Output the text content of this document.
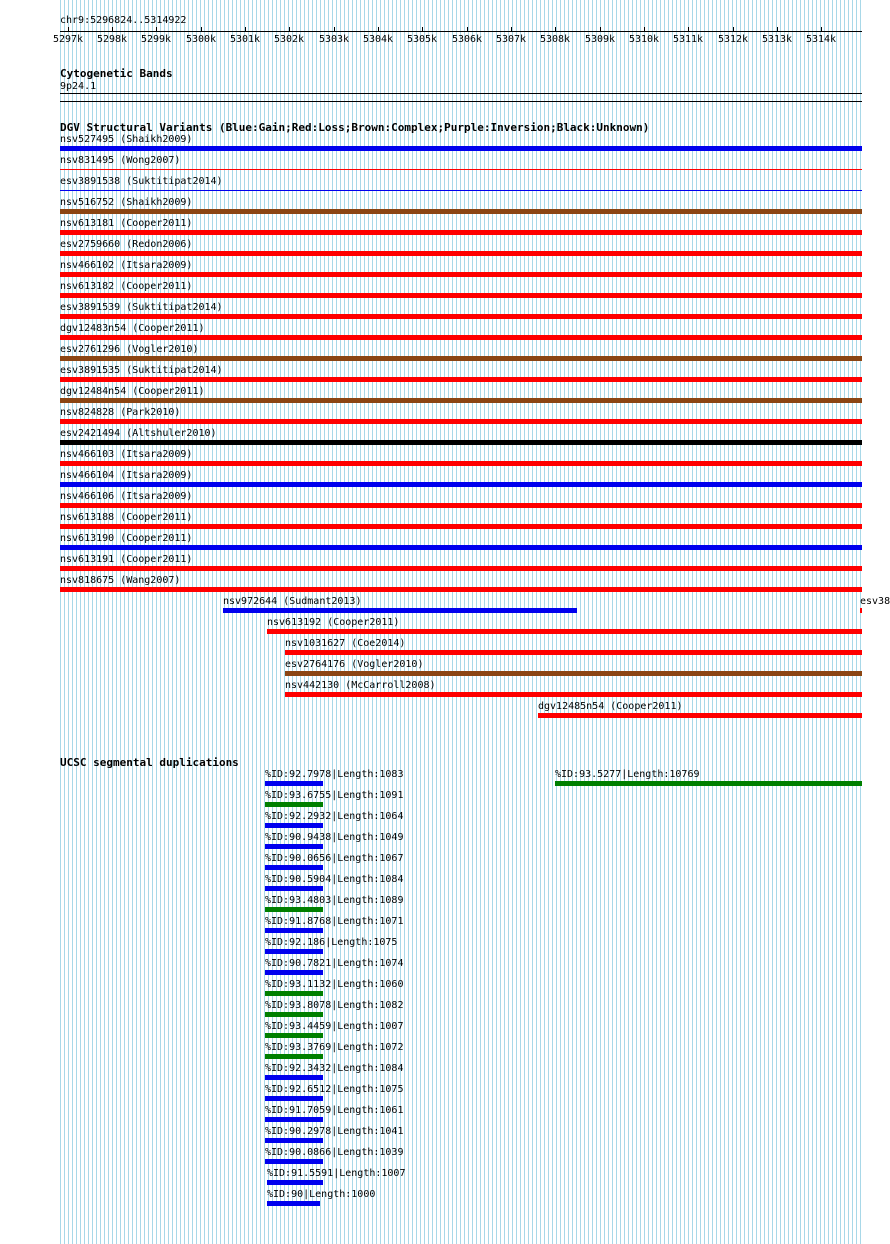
chr9:5296824..5314922
5297k 5298k 5299k 5300k 5301k 5302k 5303k 5304k 5305k 5306k 5307k 5308k 5309k 5310k 5311k 5312k 5313k 5314k
Cytogenetic Bands
9p24.1
DGV Structural Variants (Blue:Gain;Red:Loss;Brown:Complex;Purple:Inversion;Black:Unknown)
nsv527495 (Shaikh2009)
nsv831495 (Wong2007)
esv3891538 (Suktitipat2014)
nsv516752 (Shaikh2009)
nsv613181 (Cooper2011)
esv2759660 (Redon2006)
nsv466102 (Itsara2009)
nsv613182 (Cooper2011)
esv3891539 (Suktitipat2014)
dgv12483n54 (Cooper2011)
esv2761296 (Vogler2010)
esv3891535 (Suktitipat2014)
dgv12484n54 (Cooper2011)
nsv824828 (Park2010)
esv2421494 (Altshuler2010)
nsv466103 (Itsara2009)
nsv466104 (Itsara2009)
nsv466106 (Itsara2009)
nsv613188 (Cooper2011)
nsv613190 (Cooper2011)
nsv613191 (Cooper2011)
nsv818675 (Wang2007)
nsv972644 (Sudmant2013)	esv38
nsv613192 (Cooper2011)
nsv1031627 (Coe2014)
esv2764176 (Vogler2010)
nsv442130 (McCarroll2008)
dgv12485n54 (Cooper2011)
UCSC segmental duplications
%ID:92.7978|Length:1083	%ID:93.5277|Length:10769
%ID:93.6755|Length:1091
%ID:92.2932|Length:1064
%ID:90.9438|Length:1049
%ID:90.0656|Length:1067
%ID:90.5904|Length:1084
%ID:93.4803|Length:1089
%ID:91.8768|Length:1071
%ID:92.186|Length:1075
%ID:90.7821|Length:1074
%ID:93.1132|Length:1060
%ID:93.8078|Length:1082
%ID:93.4459|Length:1007
%ID:93.3769|Length:1072
%ID:92.3432|Length:1084
%ID:92.6512|Length:1075
%ID:91.7059|Length:1061
%ID:90.2978|Length:1041
%ID:90.0866|Length:1039
%ID:91.5591|Length:1007
%ID:90|Length:1000
